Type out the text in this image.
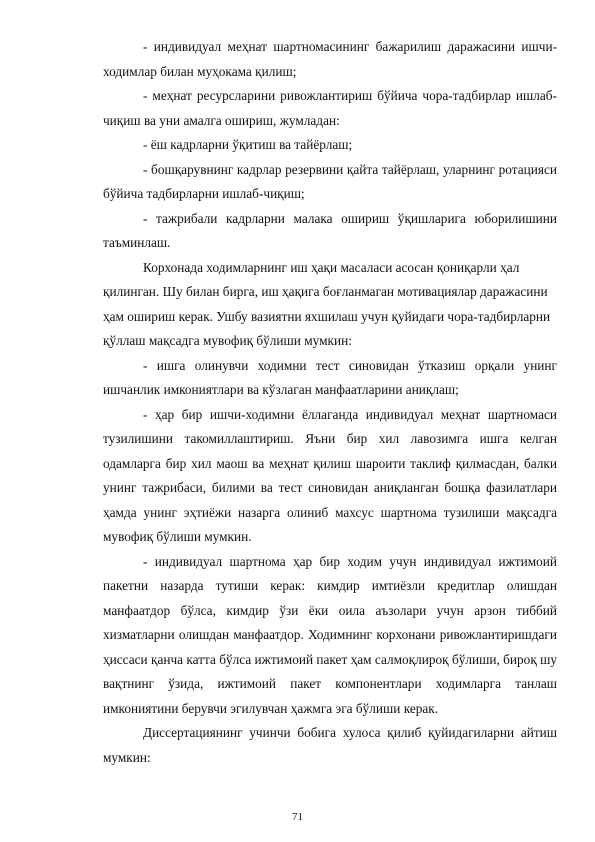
- индивидуал меҳнат шартномасининг бажарилиш даражасини ишчи-ходимлар билан муҳокама қилиш;

- меҳнат ресурсларини ривожлантириш бўйича чора-тадбирлар ишлаб-чиқиш ва уни амалга ошириш, жумладан:

- ёш кадрларни ўқитиш ва тайёрлаш;

- бошқарувнинг кадрлар резервини қайта тайёрлаш, уларнинг ротацияси бўйича тадбирларни ишлаб-чиқиш;

- тажрибали кадрларни малака ошириш ўқишларига юборилишини таъминлаш.

Корхонада ходимларнинг иш ҳақи масаласи асосан қониқарли ҳал қилинган. Шу билан бирга, иш ҳақига боғланмаган мотивациялар даражасини ҳам ошириш керак. Ушбу вазиятни яхшилаш учун қуйидаги чора-тадбирларни қўллаш мақсадга мувофиқ бўлиши мумкин:

- ишга олинувчи ходимни тест синовидан ўтказиш орқали унинг ишчанлик имкониятлари ва кўзлаган манфаатларини аниқлаш;

- ҳар бир ишчи-ходимни ёллаганда индивидуал меҳнат шартномаси тузилишини такомиллаштириш. Яъни бир хил лавозимга ишга келган одамларга бир хил маош ва меҳнат қилиш шароити таклиф қилмасдан, балки унинг тажрибаси, билими ва тест синовидан аниқланган бошқа фазилатлари ҳамда унинг эҳтиёжи назарга олиниб махсус шартнома тузилиши мақсадга мувофиқ бўлиши мумкин.

- индивидуал шартнома ҳар бир ходим учун индивидуал ижтимоий пакетни назарда тутиши керак: кимдир имтиёзли кредитлар олишдан манфаатдор бўлса, кимдир ўзи ёки оила аъзолари учун арзон тиббий хизматларни олишдан манфаатдор. Ходимнинг корхонани ривожлантиришдаги ҳиссаси қанча катта бўлса ижтимоий пакет ҳам салмоқлироқ бўлиши, бироқ шу вақтнинг ўзида, ижтимоий пакет компонентлари ходимларга танлаш имкониятини берувчи эгилувчан ҳажмга эга бўлиши керак.

Диссертациянинг учинчи бобига хулоса қилиб қуйидагиларни айтиш мумкин:

71
